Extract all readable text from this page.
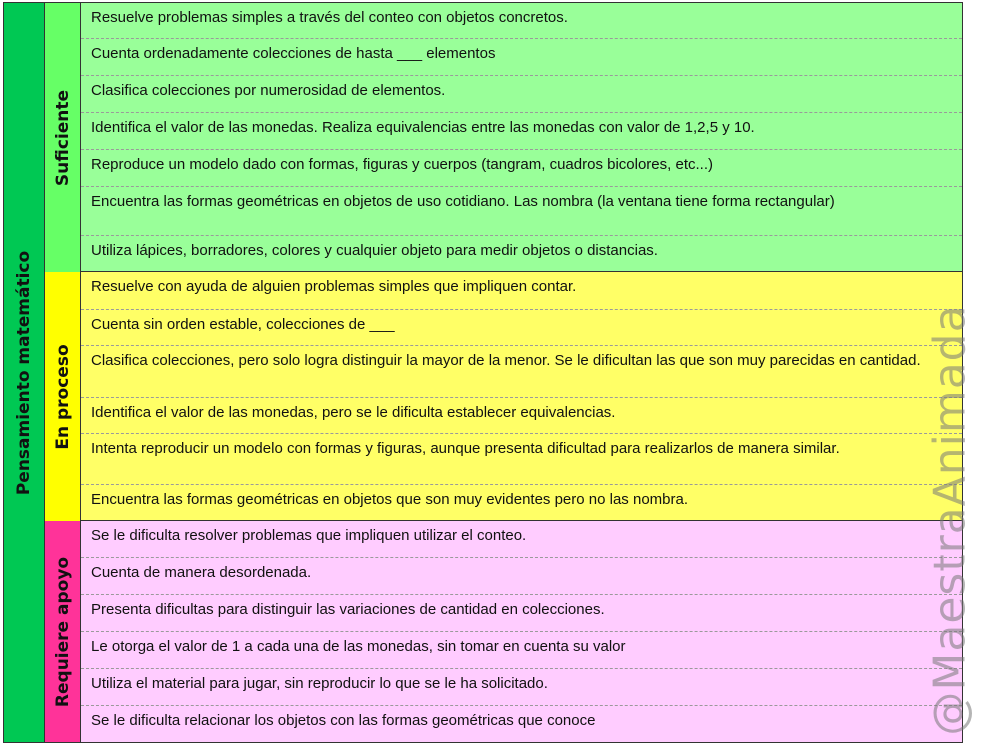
Pensamiento matemático
Suficiente
En proceso
Requiere apoyo
Resuelve problemas simples a través del conteo con objetos concretos.
Cuenta ordenadamente colecciones de hasta ___ elementos
Clasifica colecciones por numerosidad de elementos.
Identifica el valor de las monedas. Realiza equivalencias entre las monedas con valor de 1,2,5 y 10.
Reproduce un modelo dado con formas, figuras y cuerpos (tangram, cuadros bicolores, etc...)
Encuentra las formas geométricas en objetos de uso cotidiano. Las nombra (la ventana tiene forma rectangular)
Utiliza lápices, borradores, colores y cualquier objeto para medir objetos o distancias.
Resuelve con ayuda de alguien problemas simples que impliquen contar.
Cuenta sin orden estable, colecciones de ___
Clasifica colecciones, pero solo logra distinguir la mayor de la menor. Se le dificultan las que son muy parecidas en cantidad.
Identifica el valor de las monedas, pero se le dificulta establecer equivalencias.
Intenta reproducir un modelo con formas y figuras, aunque presenta dificultad para realizarlos de manera similar.
Encuentra las formas geométricas en objetos que son muy evidentes pero no las nombra.
Se le dificulta resolver problemas que impliquen utilizar el conteo.
Cuenta de manera desordenada.
Presenta dificultas para distinguir las variaciones de cantidad en colecciones.
Le otorga el valor de 1 a cada una de las monedas, sin tomar en cuenta su valor
Utiliza el material para jugar, sin reproducir lo que se le ha solicitado.
Se le dificulta relacionar los objetos con las formas geométricas que conoce	@MaestraAnimada
